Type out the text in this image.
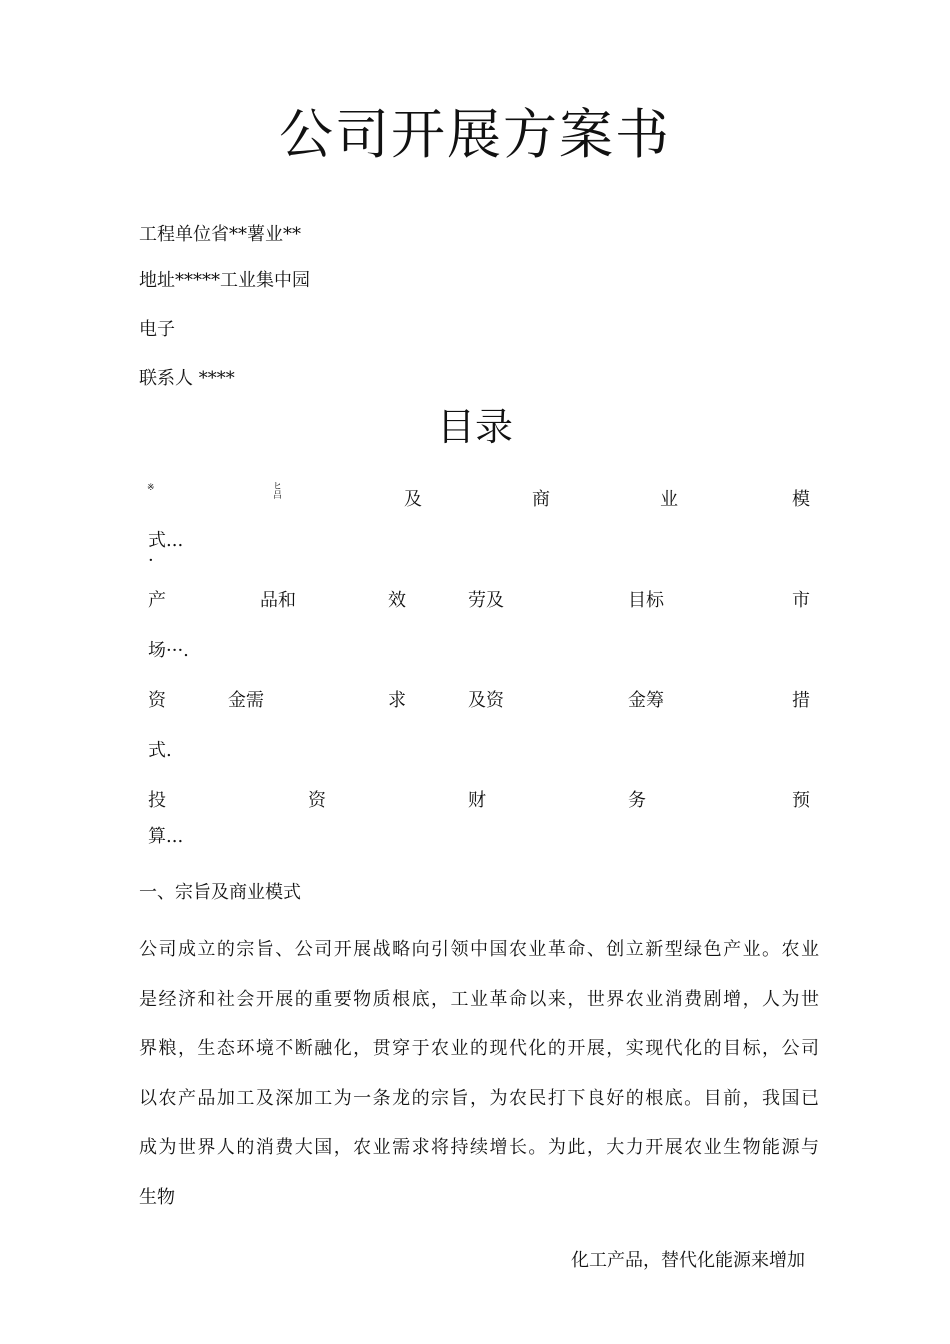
公司开展方案书
工程单位省**薯业**
地址*****工业集中园
电子
联系人 ****
目录
※	ヒ
吕	及	商	业	模
式...
·
产	品和	效	劳及	目标	市
场···.
资	金需	求	及资	金筹	措
式.
投	资	财	务	预
算...
一、宗旨及商业模式
公司成立的宗旨、公司开展战略向引领中国农业革命、创立新型绿色产业。农业
是经济和社会开展的重要物质根底，工业革命以来，世界农业消费剧增，人为世
界粮，生态环境不断融化，贯穿于农业的现代化的开展，实现代化的目标，公司
以农产品加工及深加工为一条龙的宗旨，为农民打下良好的根底。目前，我国已
成为世界人的消费大国，农业需求将持续增长。为此，大力开展农业生物能源与
生物
化工产品，替代化能源来增加
